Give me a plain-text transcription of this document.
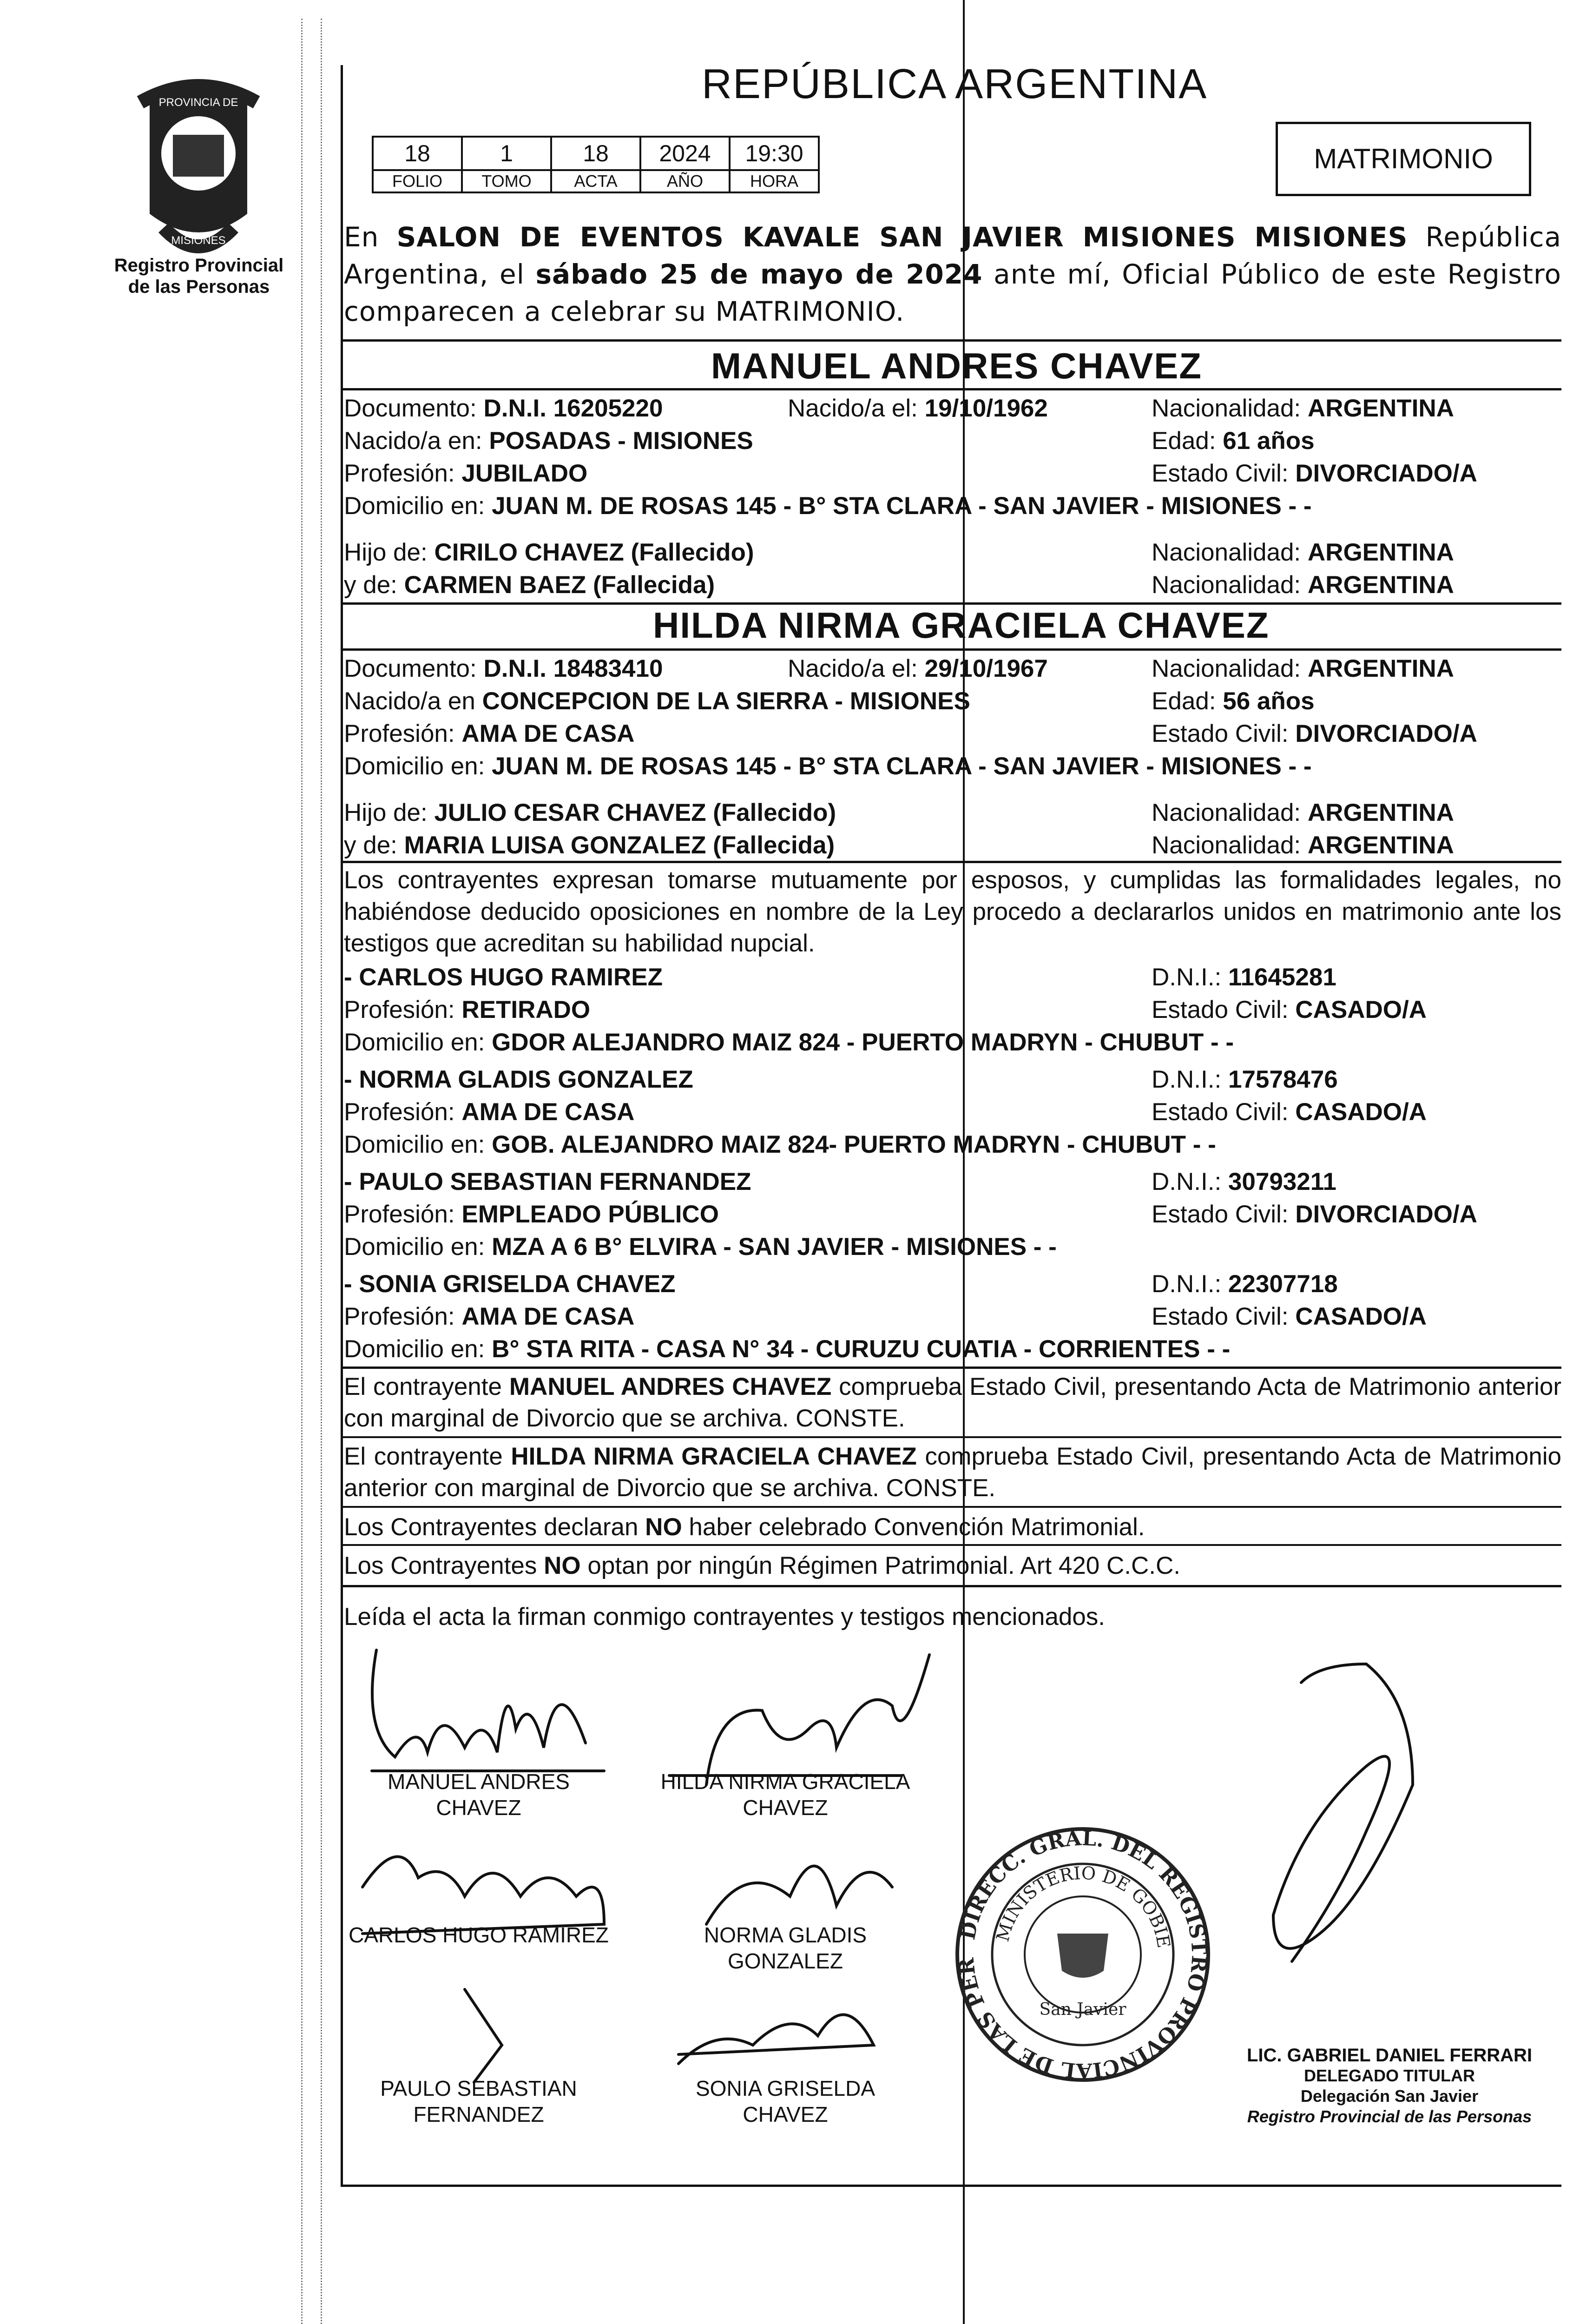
PROVINCIA DE
MISIONES
Registro Provincial
de las Personas
REPÚBLICA ARGENTINA
18	1	18	2024	19:30
FOLIO	TOMO	ACTA	AÑO	HORA
MATRIMONIO
En SALON DE EVENTOS KAVALE SAN JAVIER MISIONES MISIONES República Argentina, el sábado 25 de mayo de 2024 ante mí, Oficial Público de este Registro comparecen a celebrar su MATRIMONIO.
MANUEL ANDRES CHAVEZ
Documento: D.N.I. 16205220	Nacido/a el: 19/10/1962	Nacionalidad: ARGENTINA
Nacido/a en: POSADAS - MISIONES	Edad: 61 años
Profesión: JUBILADO	Estado Civil: DIVORCIADO/A
Domicilio en: JUAN M. DE ROSAS 145 - B° STA CLARA - SAN JAVIER - MISIONES - -
Hijo de: CIRILO CHAVEZ (Fallecido)	Nacionalidad: ARGENTINA
y de: CARMEN BAEZ (Fallecida)	Nacionalidad: ARGENTINA
HILDA NIRMA GRACIELA CHAVEZ
Documento: D.N.I. 18483410	Nacido/a el: 29/10/1967	Nacionalidad: ARGENTINA
Nacido/a en CONCEPCION DE LA SIERRA - MISIONES	Edad: 56 años
Profesión: AMA DE CASA	Estado Civil: DIVORCIADO/A
Domicilio en: JUAN M. DE ROSAS 145 - B° STA CLARA - SAN JAVIER - MISIONES - -
Hijo de: JULIO CESAR CHAVEZ (Fallecido)	Nacionalidad: ARGENTINA
y de: MARIA LUISA GONZALEZ (Fallecida)	Nacionalidad: ARGENTINA
Los contrayentes expresan tomarse mutuamente por esposos, y cumplidas las formalidades legales, no habiéndose deducido oposiciones en nombre de la Ley procedo a declararlos unidos en matrimonio ante los testigos que acreditan su habilidad nupcial.
- CARLOS HUGO RAMIREZ	D.N.I.: 11645281
Profesión: RETIRADO	Estado Civil: CASADO/A
Domicilio en: GDOR ALEJANDRO MAIZ 824 - PUERTO MADRYN - CHUBUT - -
- NORMA GLADIS GONZALEZ	D.N.I.: 17578476
Profesión: AMA DE CASA	Estado Civil: CASADO/A
Domicilio en: GOB. ALEJANDRO MAIZ 824- PUERTO MADRYN - CHUBUT - -
- PAULO SEBASTIAN FERNANDEZ	D.N.I.: 30793211
Profesión: EMPLEADO PÚBLICO	Estado Civil: DIVORCIADO/A
Domicilio en: MZA A 6 B° ELVIRA - SAN JAVIER - MISIONES - -
- SONIA GRISELDA CHAVEZ	D.N.I.: 22307718
Profesión: AMA DE CASA	Estado Civil: CASADO/A
Domicilio en: B° STA RITA - CASA N° 34 - CURUZU CUATIA - CORRIENTES - -
El contrayente MANUEL ANDRES CHAVEZ comprueba Estado Civil, presentando Acta de Matrimonio anterior con marginal de Divorcio que se archiva. CONSTE.
El contrayente HILDA NIRMA GRACIELA CHAVEZ comprueba Estado Civil, presentando Acta de Matrimonio anterior con marginal de Divorcio que se archiva. CONSTE.
Los Contrayentes declaran NO haber celebrado Convención Matrimonial.
Los Contrayentes NO optan por ningún Régimen Patrimonial. Art 420 C.C.C.
Leída el acta la firman conmigo contrayentes y testigos mencionados.
MANUEL ANDRES
CHAVEZ
HILDA NIRMA GRACIELA
CHAVEZ
CARLOS HUGO RAMIREZ	NORMA GLADIS
GONZALEZ
PAULO SEBASTIAN
FERNANDEZ
SONIA GRISELDA
CHAVEZ
DIRECC. GRAL. DEL REGISTRO PROVINCIAL DE LAS PER
MINISTERIO DE GOBIE
San Javier
LIC. GABRIEL DANIEL FERRARI
DELEGADO TITULAR
Delegación San Javier
Registro Provincial de las Personas
